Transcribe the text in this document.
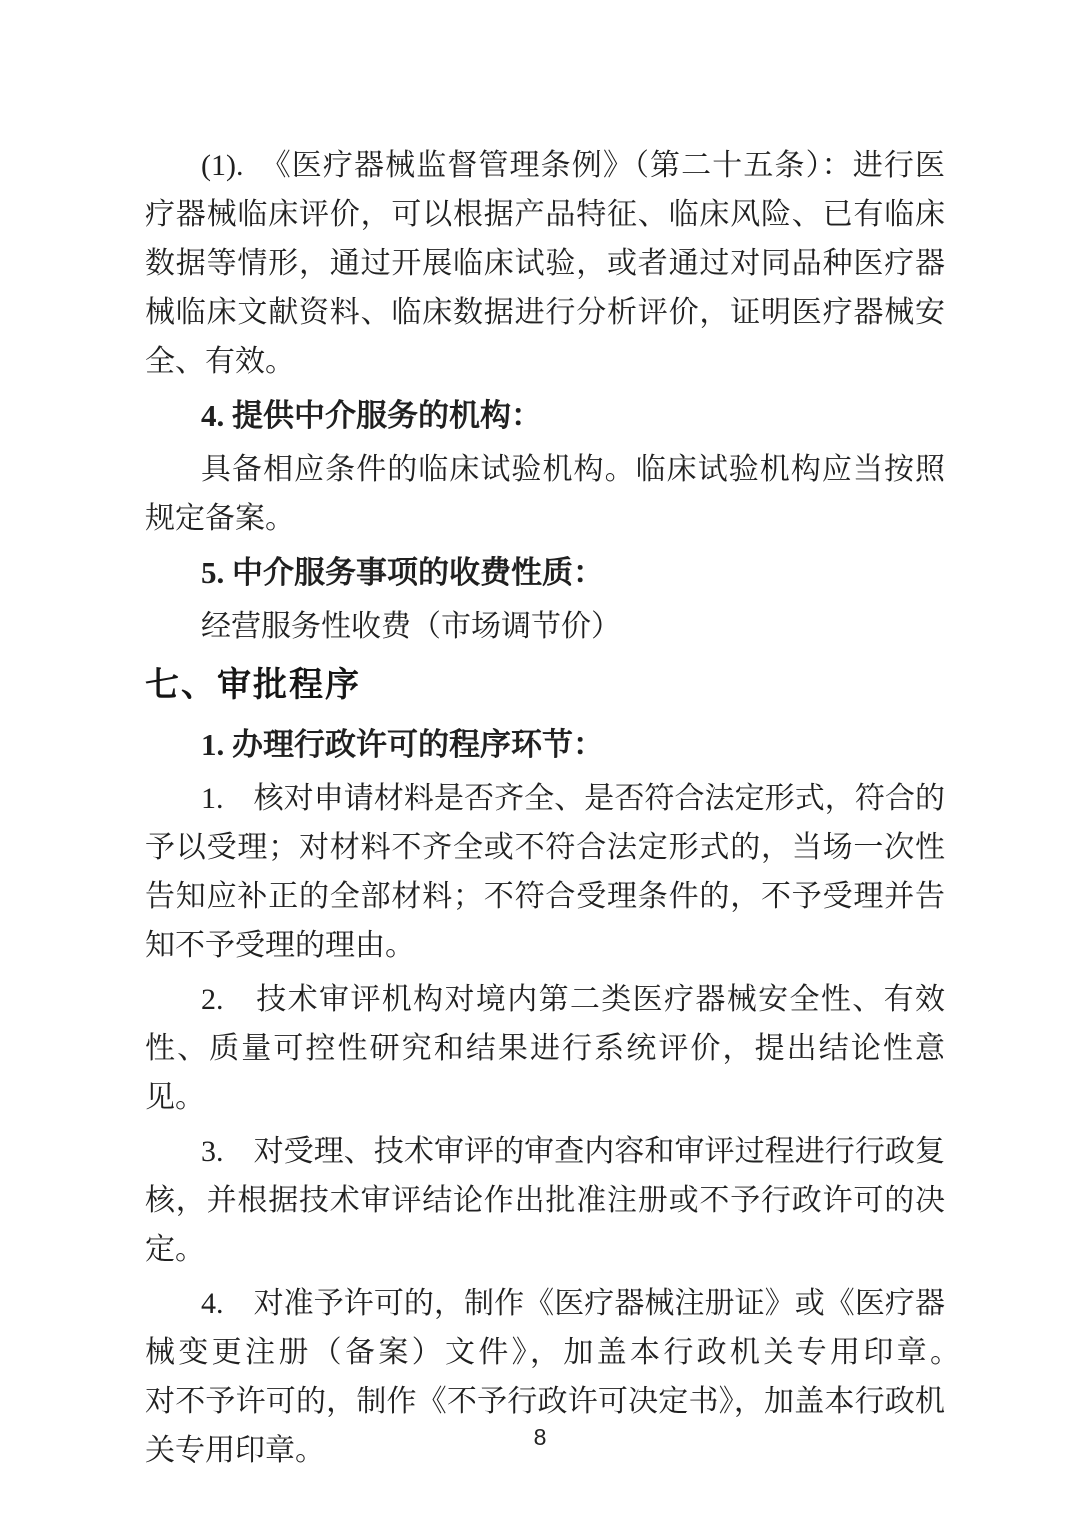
(1).　《医疗器械监督管理条例》（第二十五条）：进行医疗器械临床评价，可以根据产品特征、临床风险、已有临床数据等情形，通过开展临床试验，或者通过对同品种医疗器械临床文献资料、临床数据进行分析评价，证明医疗器械安全、有效。

4. 提供中介服务的机构：

具备相应条件的临床试验机构。临床试验机构应当按照规定备案。

5. 中介服务事项的收费性质：

经营服务性收费（市场调节价）

七、审批程序

1. 办理行政许可的程序环节：

1.　核对申请材料是否齐全、是否符合法定形式，符合的予以受理；对材料不齐全或不符合法定形式的，当场一次性告知应补正的全部材料；不符合受理条件的，不予受理并告知不予受理的理由。

2.　技术审评机构对境内第二类医疗器械安全性、有效性、质量可控性研究和结果进行系统评价，提出结论性意见。

3.　对受理、技术审评的审查内容和审评过程进行行政复核，并根据技术审评结论作出批准注册或不予行政许可的决定。

4.　对准予许可的，制作《医疗器械注册证》或《医疗器械变更注册（备案）文件》，加盖本行政机关专用印章。　　对不予许可的，制作《不予行政许可决定书》，加盖本行政机关专用印章。	8
